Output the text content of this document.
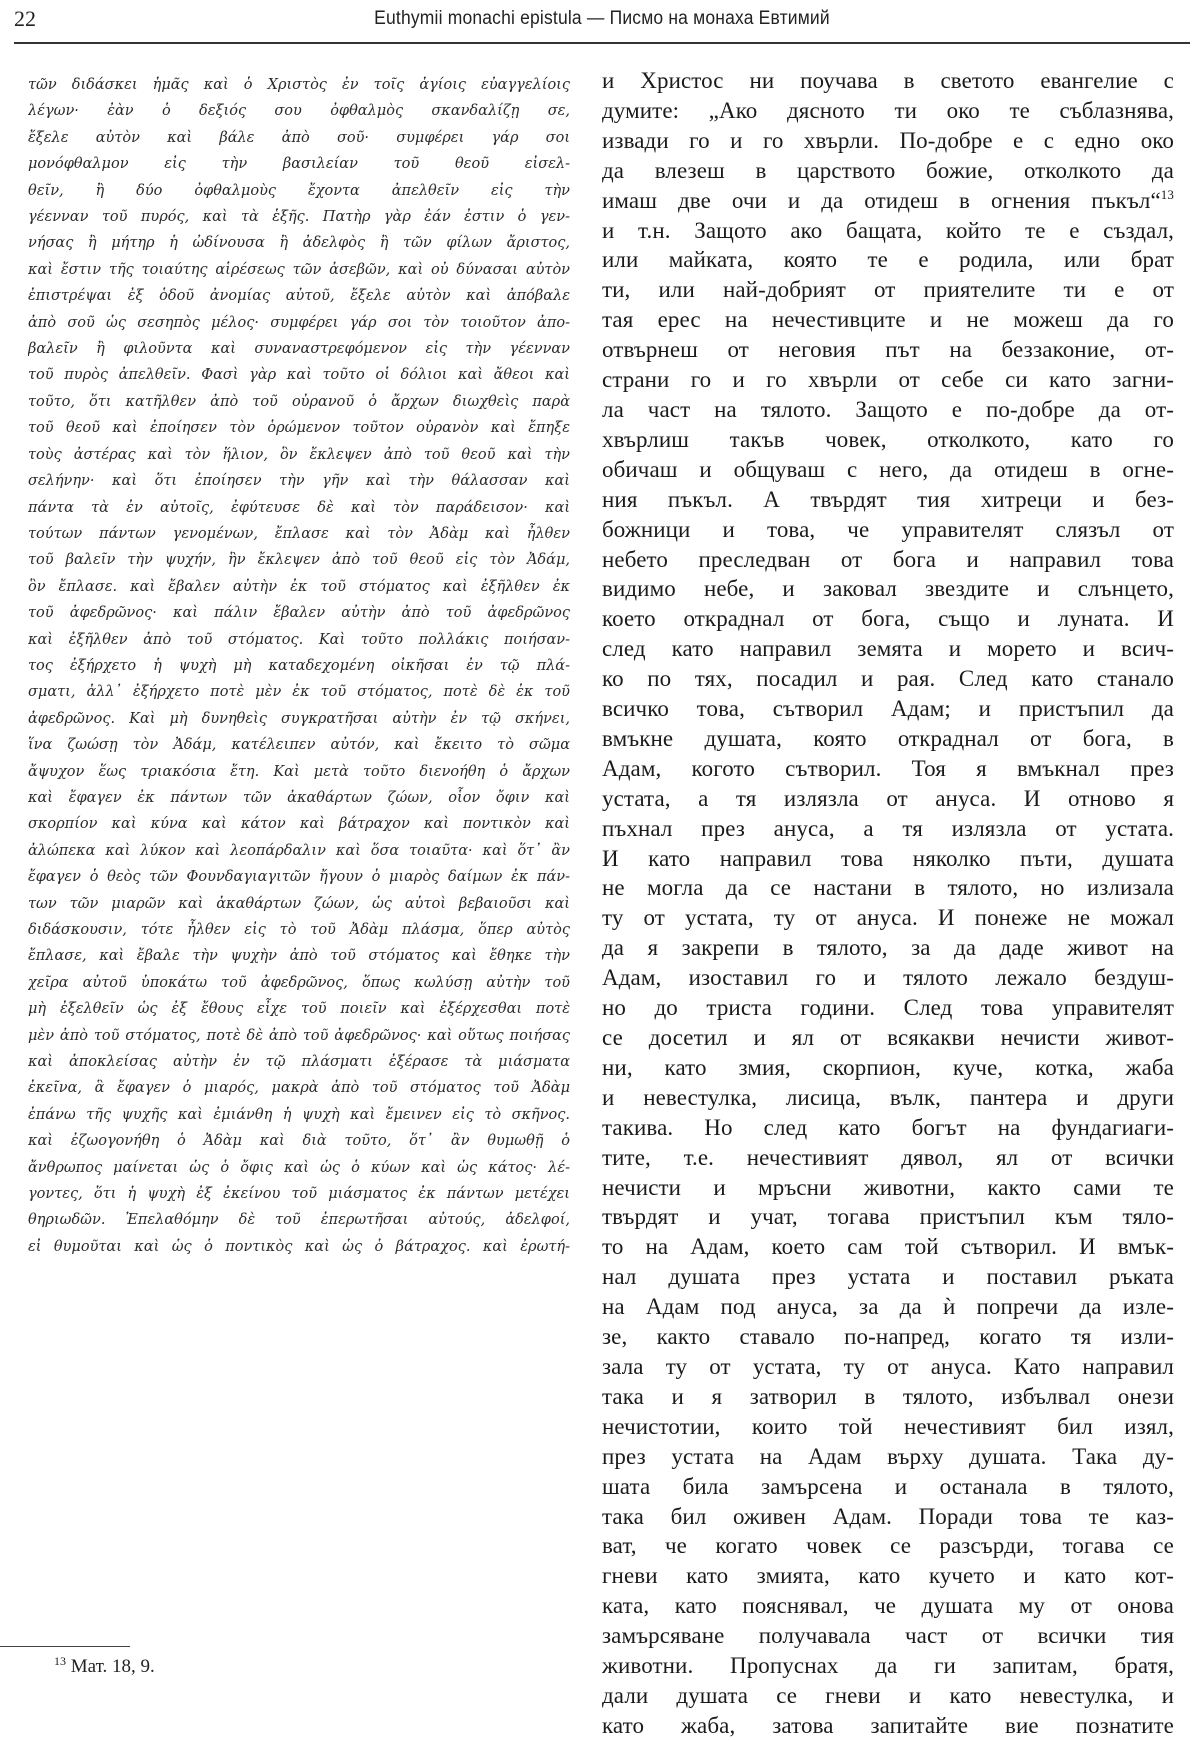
22	Euthymii monachi epistula — Писмо на монаха Евтимий
τῶν διδάσκει ἡμᾶς καὶ ὁ Χριστὸς ἐν τοῖς ἁγίοις εὐαγγελίοις
λέγων· ἐὰν ὁ δεξιός σου ὀφθαλμὸς σκανδαλίζῃ σε,
ἔξελε αὐτὸν καὶ βάλε ἀπὸ σοῦ· συμφέρει γάρ σοι
μονόφθαλμον εἰς τὴν βασιλείαν τοῦ θεοῦ εἰσελ-
θεῖν, ἢ δύο ὀφθαλμοὺς ἔχοντα ἀπελθεῖν εἰς τὴν
γέενναν τοῦ πυρός, καὶ τὰ ἑξῆς. Πατὴρ γὰρ ἐάν ἐστιν ὁ γεν-
νήσας ἢ μήτηρ ἡ ὠδίνουσα ἢ ἀδελφὸς ἢ τῶν φίλων ἄριστος,
καὶ ἔστιν τῆς τοιαύτης αἱρέσεως τῶν ἀσεβῶν, καὶ οὐ δύνασαι αὐτὸν
ἐπιστρέψαι ἐξ ὁδοῦ ἀνομίας αὐτοῦ, ἔξελε αὐτὸν καὶ ἀπόβαλε
ἀπὸ σοῦ ὡς σεσηπὸς μέλος· συμφέρει γάρ σοι τὸν τοιοῦτον ἀπο-
βαλεῖν ἢ φιλοῦντα καὶ συναναστρεφόμενον εἰς τὴν γέενναν
τοῦ πυρὸς ἀπελθεῖν. Φασὶ γὰρ καὶ τοῦτο οἱ δόλιοι καὶ ἄθεοι καὶ
τοῦτο, ὅτι κατῆλθεν ἀπὸ τοῦ οὐρανοῦ ὁ ἄρχων διωχθεὶς παρὰ
τοῦ θεοῦ καὶ ἐποίησεν τὸν ὁρώμενον τοῦτον οὐρανὸν καὶ ἔπηξε
τοὺς ἀστέρας καὶ τὸν ἥλιον, ὃν ἔκλεψεν ἀπὸ τοῦ θεοῦ καὶ τὴν
σελήνην· καὶ ὅτι ἐποίησεν τὴν γῆν καὶ τὴν θάλασσαν καὶ
πάντα τὰ ἐν αὐτοῖς, ἐφύτευσε δὲ καὶ τὸν παράδεισον· καὶ
τούτων πάντων γενομένων, ἔπλασε καὶ τὸν Ἀδὰμ καὶ ἦλθεν
τοῦ βαλεῖν τὴν ψυχήν, ἣν ἔκλεψεν ἀπὸ τοῦ θεοῦ εἰς τὸν Ἀδάμ,
ὃν ἔπλασε. καὶ ἔβαλεν αὐτὴν ἐκ τοῦ στόματος καὶ ἐξῆλθεν ἐκ
τοῦ ἀφεδρῶνος· καὶ πάλιν ἔβαλεν αὐτὴν ἀπὸ τοῦ ἀφεδρῶνος
καὶ ἐξῆλθεν ἀπὸ τοῦ στόματος. Καὶ τοῦτο πολλάκις ποιήσαν-
τος ἐξήρχετο ἡ ψυχὴ μὴ καταδεχομένη οἰκῆσαι ἐν τῷ πλά-
σματι, ἀλλ᾽ ἐξήρχετο ποτὲ μὲν ἐκ τοῦ στόματος, ποτὲ δὲ ἐκ τοῦ
ἀφεδρῶνος. Καὶ μὴ δυνηθεὶς συγκρατῆσαι αὐτὴν ἐν τῷ σκήνει,
ἵνα ζωώσῃ τὸν Ἀδάμ, κατέλειπεν αὐτόν, καὶ ἔκειτο τὸ σῶμα
ἄψυχον ἕως τριακόσια ἔτη. Καὶ μετὰ τοῦτο διενοήθη ὁ ἄρχων
καὶ ἔφαγεν ἐκ πάντων τῶν ἀκαθάρτων ζώων, οἷον ὄφιν καὶ
σκορπίον καὶ κύνα καὶ κάτον καὶ βάτραχον καὶ ποντικὸν καὶ
ἀλώπεκα καὶ λύκον καὶ λεοπάρδαλιν καὶ ὅσα τοιαῦτα· καὶ ὅτ᾽ ἂν
ἔφαγεν ὁ θεὸς τῶν Φουνδαγιαγιτῶν ἤγουν ὁ μιαρὸς δαίμων ἐκ πάν-
των τῶν μιαρῶν καὶ ἀκαθάρτων ζώων, ὡς αὐτοὶ βεβαιοῦσι καὶ
διδάσκουσιν, τότε ἦλθεν εἰς τὸ τοῦ Ἀδὰμ πλάσμα, ὅπερ αὐτὸς
ἔπλασε, καὶ ἔβαλε τὴν ψυχὴν ἀπὸ τοῦ στόματος καὶ ἔθηκε τὴν
χεῖρα αὐτοῦ ὑποκάτω τοῦ ἀφεδρῶνος, ὅπως κωλύσῃ αὐτὴν τοῦ
μὴ ἐξελθεῖν ὡς ἐξ ἔθους εἶχε τοῦ ποιεῖν καὶ ἐξέρχεσθαι ποτὲ
μὲν ἀπὸ τοῦ στόματος, ποτὲ δὲ ἀπὸ τοῦ ἀφεδρῶνος· καὶ οὕτως ποιήσας
καὶ ἀποκλείσας αὐτὴν ἐν τῷ πλάσματι ἐξέρασε τὰ μιάσματα
ἐκεῖνα, ἃ ἔφαγεν ὁ μιαρός, μακρὰ ἀπὸ τοῦ στόματος τοῦ Ἀδὰμ
ἐπάνω τῆς ψυχῆς καὶ ἐμιάνθη ἡ ψυχὴ καὶ ἔμεινεν εἰς τὸ σκῆνος.
καὶ ἐζωογονήθη ὁ Ἀδὰμ καὶ διὰ τοῦτο, ὅτ᾽ ἂν θυμωθῇ ὁ
ἄνθρωπος μαίνεται ὡς ὁ ὄφις καὶ ὡς ὁ κύων καὶ ὡς κάτος· λέ-
γοντες, ὅτι ἡ ψυχὴ ἐξ ἐκείνου τοῦ μιάσματος ἐκ πάντων μετέχει
θηριωδῶν. Ἐπελαθόμην δὲ τοῦ ἐπερωτῆσαι αὐτούς, ἀδελφοί,
εἰ θυμοῦται καὶ ὡς ὁ ποντικὸς καὶ ὡς ὁ βάτραχος. καὶ ἐρωτή-
и Христос ни поучава в светото евангелие с
думите: „Ако дясното ти око те съблазнява,
извади го и го хвърли. По-добре е с едно око
да влезеш в царството божие, отколкото да
имаш две очи и да отидеш в огнения пъкъл“$^{13}$
и т.н. Защото ако бащата, който те е създал,
или майката, която те е родила, или брат
ти, или най-добрият от приятелите ти е от
тая ерес на нечестивците и не можеш да го
отвърнеш от неговия път на беззаконие, от-
страни го и го хвърли от себе си като загни-
ла част на тялото. Защото е по-добре да от-
хвърлиш такъв човек, отколкото, като го
обичаш и общуваш с него, да отидеш в огне-
ния пъкъл. А твърдят тия хитреци и без-
божници и това, че управителят слязъл от
небето преследван от бога и направил това
видимо небе, и заковал звездите и слънцето,
което откраднал от бога, също и луната. И
след като направил земята и морето и всич-
ко по тях, посадил и рая. След като станало
всичко това, сътворил Адам; и пристъпил да
вмъкне душата, която откраднал от бога, в
Адам, когото сътворил. Тоя я вмъкнал през
устата, а тя излязла от ануса. И отново я
пъхнал през ануса, а тя излязла от устата.
И като направил това няколко пъти, душата
не могла да се настани в тялото, но излизала
ту от устата, ту от ануса. И понеже не можал
да я закрепи в тялото, за да даде живот на
Адам, изоставил го и тялото лежало бездуш-
но до триста години. След това управителят
се досетил и ял от всякакви нечисти живот-
ни, като змия, скорпион, куче, котка, жаба
и невестулка, лисица, вълк, пантера и други
такива. Но след като богът на фундагиаги-
тите, т.е. нечестивият дявол, ял от всички
нечисти и мръсни животни, както сами те
твърдят и учат, тогава пристъпил към тяло-
то на Адам, което сам той сътворил. И вмък-
нал душата през устата и поставил ръката
на Адам под ануса, за да ѝ попречи да изле-
зе, както ставало по-напред, когато тя изли-
зала ту от устата, ту от ануса. Като направил
така и я затворил в тялото, избълвал онези
нечистотии, които той нечестивият бил изял,
през устата на Адам върху душата. Така ду-
шата била замърсена и останала в тялото,
така бил оживен Адам. Поради това те каз-
ват, че когато човек се разсърди, тогава се
гневи като змията, като кучето и като кот-
ката, като пояснявал, че душата му от онова
замърсяване получавала част от всички тия
животни. Пропуснах да ги запитам, братя,
дали душата се гневи и като невестулка, и
като жаба, затова запитайте вие познатите
$^{13}$ Мат. 18, 9.
